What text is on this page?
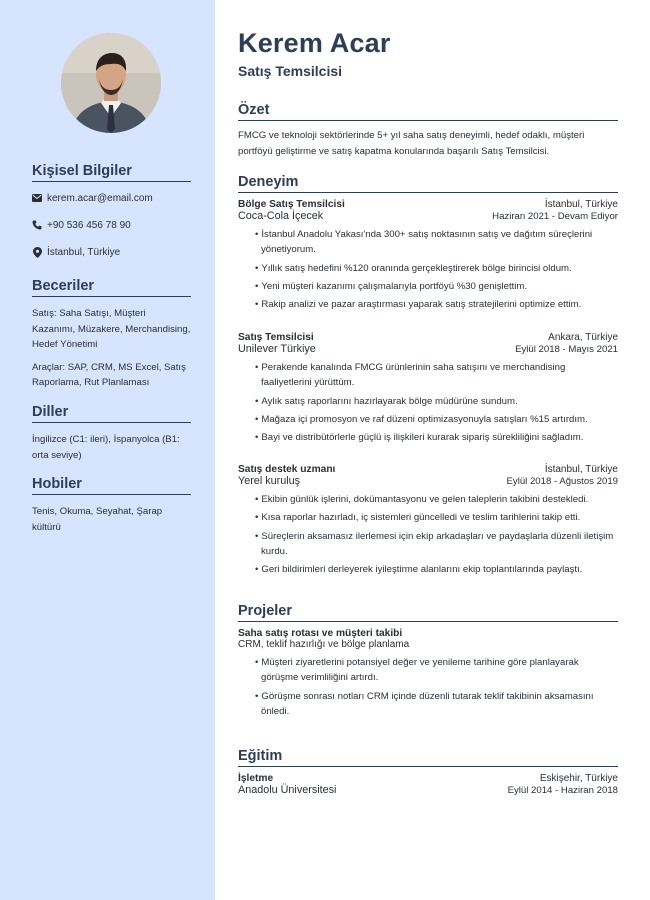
Kişisel Bilgiler
kerem.acar@email.com
+90 536 456 78 90
İstanbul, Türkiye
Beceriler
Satış: Saha Satışı, Müşteri Kazanımı, Müzakere, Merchandising, Hedef Yönetimi
Araçlar: SAP, CRM, MS Excel, Satış Raporlama, Rut Planlaması
Diller
İngilizce (C1: ileri), İspanyolca (B1: orta seviye)
Hobiler
Tenis, Okuma, Seyahat, Şarap kültürü
Kerem Acar
Satış Temsilcisi
Özet
FMCG ve teknoloji sektörlerinde 5+ yıl saha satış deneyimli, hedef odaklı, müşteri portföyü geliştirme ve satış kapatma konularında başarılı Satış Temsilcisi.
Deneyim
Bölge Satış Temsilcisi	İstanbul, Türkiye
Coca-Cola İçecek	Haziran 2021 - Devam Ediyor
• İstanbul Anadolu Yakası'nda 300+ satış noktasının satış ve dağıtım süreçlerini yönetiyorum.
• Yıllık satış hedefini %120 oranında gerçekleştirerek bölge birincisi oldum.
• Yeni müşteri kazanımı çalışmalarıyla portföyü %30 genişlettim.
• Rakip analizi ve pazar araştırması yaparak satış stratejilerini optimize ettim.
Satış Temsilcisi	Ankara, Türkiye
Unilever Türkiye	Eylül 2018 - Mayıs 2021
• Perakende kanalında FMCG ürünlerinin saha satışını ve merchandising faaliyetlerini yürüttüm.
• Aylık satış raporlarını hazırlayarak bölge müdürüne sundum.
• Mağaza içi promosyon ve raf düzeni optimizasyonuyla satışları %15 artırdım.
• Bayi ve distribütörlerle güçlü iş ilişkileri kurarak sipariş sürekliliğini sağladım.
Satış destek uzmanı	İstanbul, Türkiye
Yerel kuruluş	Eylül 2018 - Ağustos 2019
• Ekibin günlük işlerini, dokümantasyonu ve gelen taleplerin takibini destekledi.
• Kısa raporlar hazırladı, iç sistemleri güncelledi ve teslim tarihlerini takip etti.
• Süreçlerin aksamasız ilerlemesi için ekip arkadaşları ve paydaşlarla düzenli iletişim kurdu.
• Geri bildirimleri derleyerek iyileştirme alanlarını ekip toplantılarında paylaştı.
Projeler
Saha satış rotası ve müşteri takibi
CRM, teklif hazırlığı ve bölge planlama
• Müşteri ziyaretlerini potansiyel değer ve yenileme tarihine göre planlayarak görüşme verimliliğini artırdı.
• Görüşme sonrası notları CRM içinde düzenli tutarak teklif takibinin aksamasını önledi.
Eğitim
İşletme	Eskişehir, Türkiye
Anadolu Üniversitesi	Eylül 2014 - Haziran 2018
